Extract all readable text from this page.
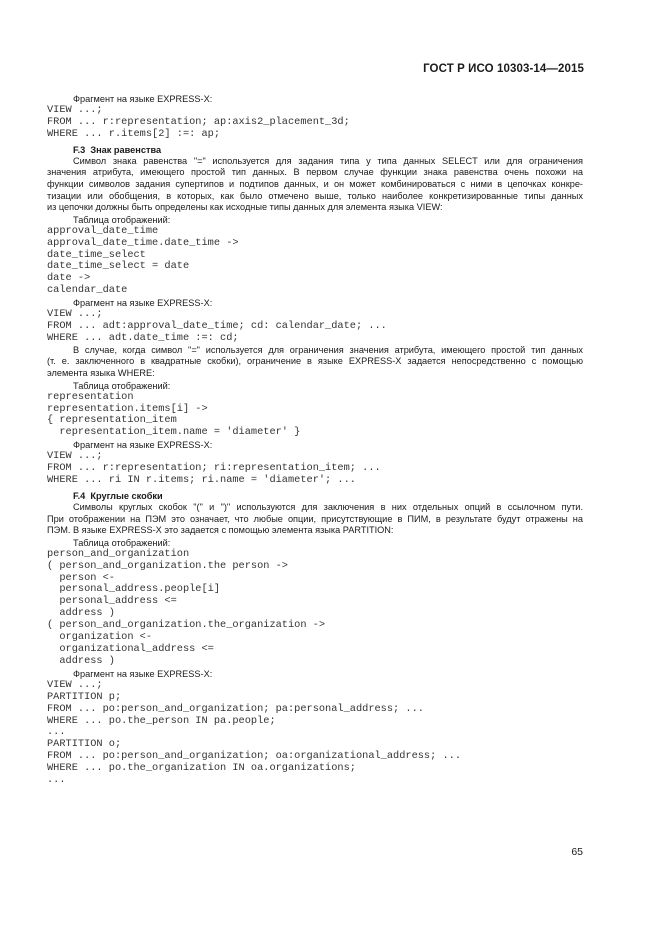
ГОСТ Р ИСО 10303-14—2015
Фрагмент на языке EXPRESS-X:
VIEW ...;
FROM ... r:representation; ap:axis2_placement_3d;
WHERE ... r.items[2] :=: ap;
F.3  Знак равенства
Символ знака равенства "=" используется для задания типа у типа данных SELECT или для ограничения
значения атрибута, имеющего простой тип данных. В первом случае функции знака равенства очень похожи на
функции символов задания супертипов и подтипов данных, и он может комбинироваться с ними в цепочках конкре-
тизации или обобщения, в которых, как было отмечено выше, только наиболее конкретизированные типы данных
из цепочки должны быть определены как исходные типы данных для элемента языка VIEW:
Таблица отображений:
approval_date_time
approval_date_time.date_time ->
date_time_select
date_time_select = date
date ->
calendar_date
Фрагмент на языке EXPRESS-X:
VIEW ...;
FROM ... adt:approval_date_time; cd: calendar_date; ...
WHERE ... adt.date_time :=: cd;
В случае, когда символ "=" используется для ограничения значения атрибута, имеющего простой тип данных
(т. е. заключенного в квадратные скобки), ограничение в языке EXPRESS-X задается непосредственно с помощью
элемента языка WHERE:
Таблица отображений:
representation
representation.items[i] ->
{ representation_item
representation_item.name = 'diameter' }
Фрагмент на языке EXPRESS-X:
VIEW ...;
FROM ... r:representation; ri:representation_item; ...
WHERE ... ri IN r.items; ri.name = 'diameter'; ...
F.4  Круглые скобки
Символы круглых скобок "(" и ")" используются для заключения в них отдельных опций в ссылочном пути.
При отображении на ПЭМ это означает, что любые опции, присутствующие в ПИМ, в результате будут отражены на
ПЭМ. В языке EXPRESS-X это задается с помощью элемента языка PARTITION:
Таблица отображений:
person_and_organization
( person_and_organization.the person ->
person <-
personal_address.people[i]
personal_address <=
address )
( person_and_organization.the_organization ->
organization <-
organizational_address <=
address )
Фрагмент на языке EXPRESS-X:
VIEW ...;
PARTITION p;
FROM ... po:person_and_organization; pa:personal_address; ...
WHERE ... po.the_person IN pa.people;
...
PARTITION o;
FROM ... po:person_and_organization; oa:organizational_address; ...
WHERE ... po.the_organization IN oa.organizations;
...
65
